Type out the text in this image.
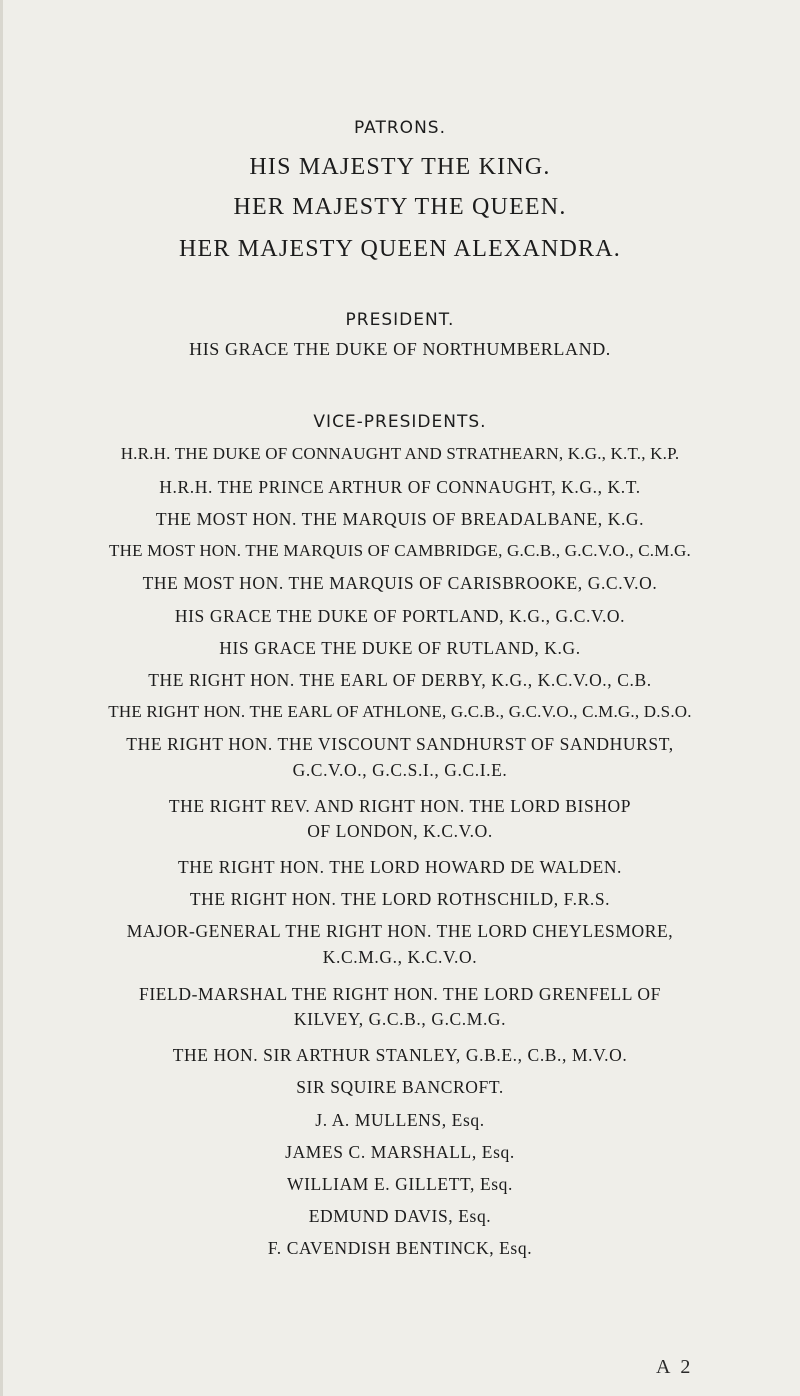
PATRONS.
HIS MAJESTY THE KING.
HER MAJESTY THE QUEEN.
HER MAJESTY QUEEN ALEXANDRA.
PRESIDENT.
HIS GRACE THE DUKE OF NORTHUMBERLAND.
VICE-PRESIDENTS.
H.R.H. THE DUKE OF CONNAUGHT AND STRATHEARN, K.G., K.T., K.P.
H.R.H. THE PRINCE ARTHUR OF CONNAUGHT, K.G., K.T.
THE MOST HON. THE MARQUIS OF BREADALBANE, K.G.
THE MOST HON. THE MARQUIS OF CAMBRIDGE, G.C.B., G.C.V.O., C.M.G.
THE MOST HON. THE MARQUIS OF CARISBROOKE, G.C.V.O.
HIS GRACE THE DUKE OF PORTLAND, K.G., G.C.V.O.
HIS GRACE THE DUKE OF RUTLAND, K.G.
THE RIGHT HON. THE EARL OF DERBY, K.G., K.C.V.O., C.B.
THE RIGHT HON. THE EARL OF ATHLONE, G.C.B., G.C.V.O., C.M.G., D.S.O.
THE RIGHT HON. THE VISCOUNT SANDHURST OF SANDHURST,
G.C.V.O., G.C.S.I., G.C.I.E.
THE RIGHT REV. AND RIGHT HON. THE LORD BISHOP
OF LONDON, K.C.V.O.
THE RIGHT HON. THE LORD HOWARD DE WALDEN.
THE RIGHT HON. THE LORD ROTHSCHILD, F.R.S.
MAJOR-GENERAL THE RIGHT HON. THE LORD CHEYLESMORE,
K.C.M.G., K.C.V.O.
FIELD-MARSHAL THE RIGHT HON. THE LORD GRENFELL OF
KILVEY, G.C.B., G.C.M.G.
THE HON. SIR ARTHUR STANLEY, G.B.E., C.B., M.V.O.
SIR SQUIRE BANCROFT.
J. A. MULLENS, Esq.
JAMES C. MARSHALL, Esq.
WILLIAM E. GILLETT, Esq.
EDMUND DAVIS, Esq.
F. CAVENDISH BENTINCK, Esq.
A 2
